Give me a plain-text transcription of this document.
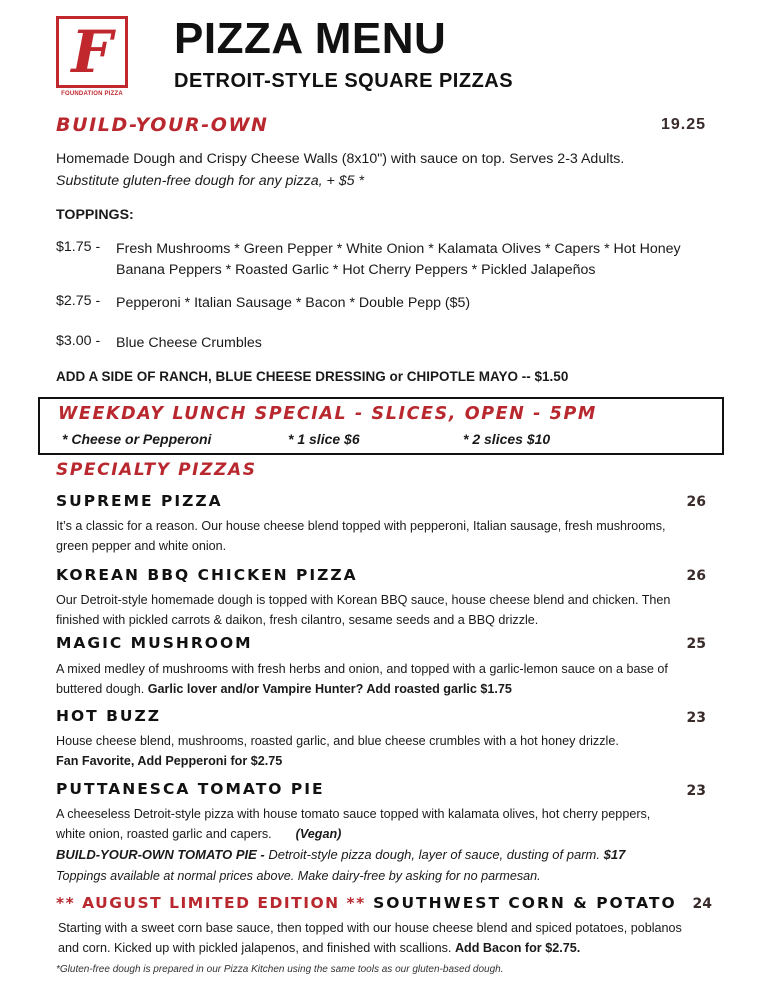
F
FOUNDATION PIZZA
PIZZA MENU
DETROIT-STYLE SQUARE PIZZAS
BUILD-YOUR-OWN	19.25
Homemade Dough and Crispy Cheese Walls (8x10") with sauce on top. Serves 2-3 Adults.
Substitute gluten-free dough for any pizza, + $5 *
TOPPINGS:
$1.75 -	Fresh Mushrooms * Green Pepper * White Onion * Kalamata Olives * Capers * Hot Honey
Banana Peppers * Roasted Garlic * Hot Cherry Peppers * Pickled Jalapeños
$2.75 -	Pepperoni * Italian Sausage * Bacon * Double Pepp ($5)
$3.00 -	Blue Cheese Crumbles
ADD A SIDE OF RANCH, BLUE CHEESE DRESSING or CHIPOTLE MAYO -- $1.50
WEEKDAY LUNCH SPECIAL - SLICES, OPEN - 5PM
* Cheese or Pepperoni	* 1 slice $6	* 2 slices $10
SPECIALTY PIZZAS
SUPREME PIZZA	26
It’s a classic for a reason. Our house cheese blend topped with pepperoni, Italian sausage, fresh mushrooms,
green pepper and white onion.
KOREAN BBQ CHICKEN PIZZA	26
Our Detroit-style homemade dough is topped with Korean BBQ sauce, house cheese blend and chicken. Then
finished with pickled carrots & daikon, fresh cilantro, sesame seeds and a BBQ drizzle.
MAGIC MUSHROOM	25
A mixed medley of mushrooms with fresh herbs and onion, and topped with a garlic-lemon sauce on a base of
buttered dough. Garlic lover and/or Vampire Hunter? Add roasted garlic $1.75
HOT BUZZ	23
House cheese blend, mushrooms, roasted garlic, and blue cheese crumbles with a hot honey drizzle.
Fan Favorite, Add Pepperoni for $2.75
PUTTANESCA TOMATO PIE	23
A cheeseless Detroit-style pizza with house tomato sauce topped with kalamata olives, hot cherry peppers,
white onion, roasted garlic and capers. (Vegan)
BUILD-YOUR-OWN TOMATO PIE - Detroit-style pizza dough, layer of sauce, dusting of parm. $17
Toppings available at normal prices above. Make dairy-free by asking for no parmesan.
** AUGUST LIMITED EDITION ** SOUTHWEST CORN & POTATO 24
Starting with a sweet corn base sauce, then topped with our house cheese blend and spiced potatoes, poblanos
and corn. Kicked up with pickled jalapenos, and finished with scallions. Add Bacon for $2.75.
*Gluten-free dough is prepared in our Pizza Kitchen using the same tools as our gluten-based dough.
